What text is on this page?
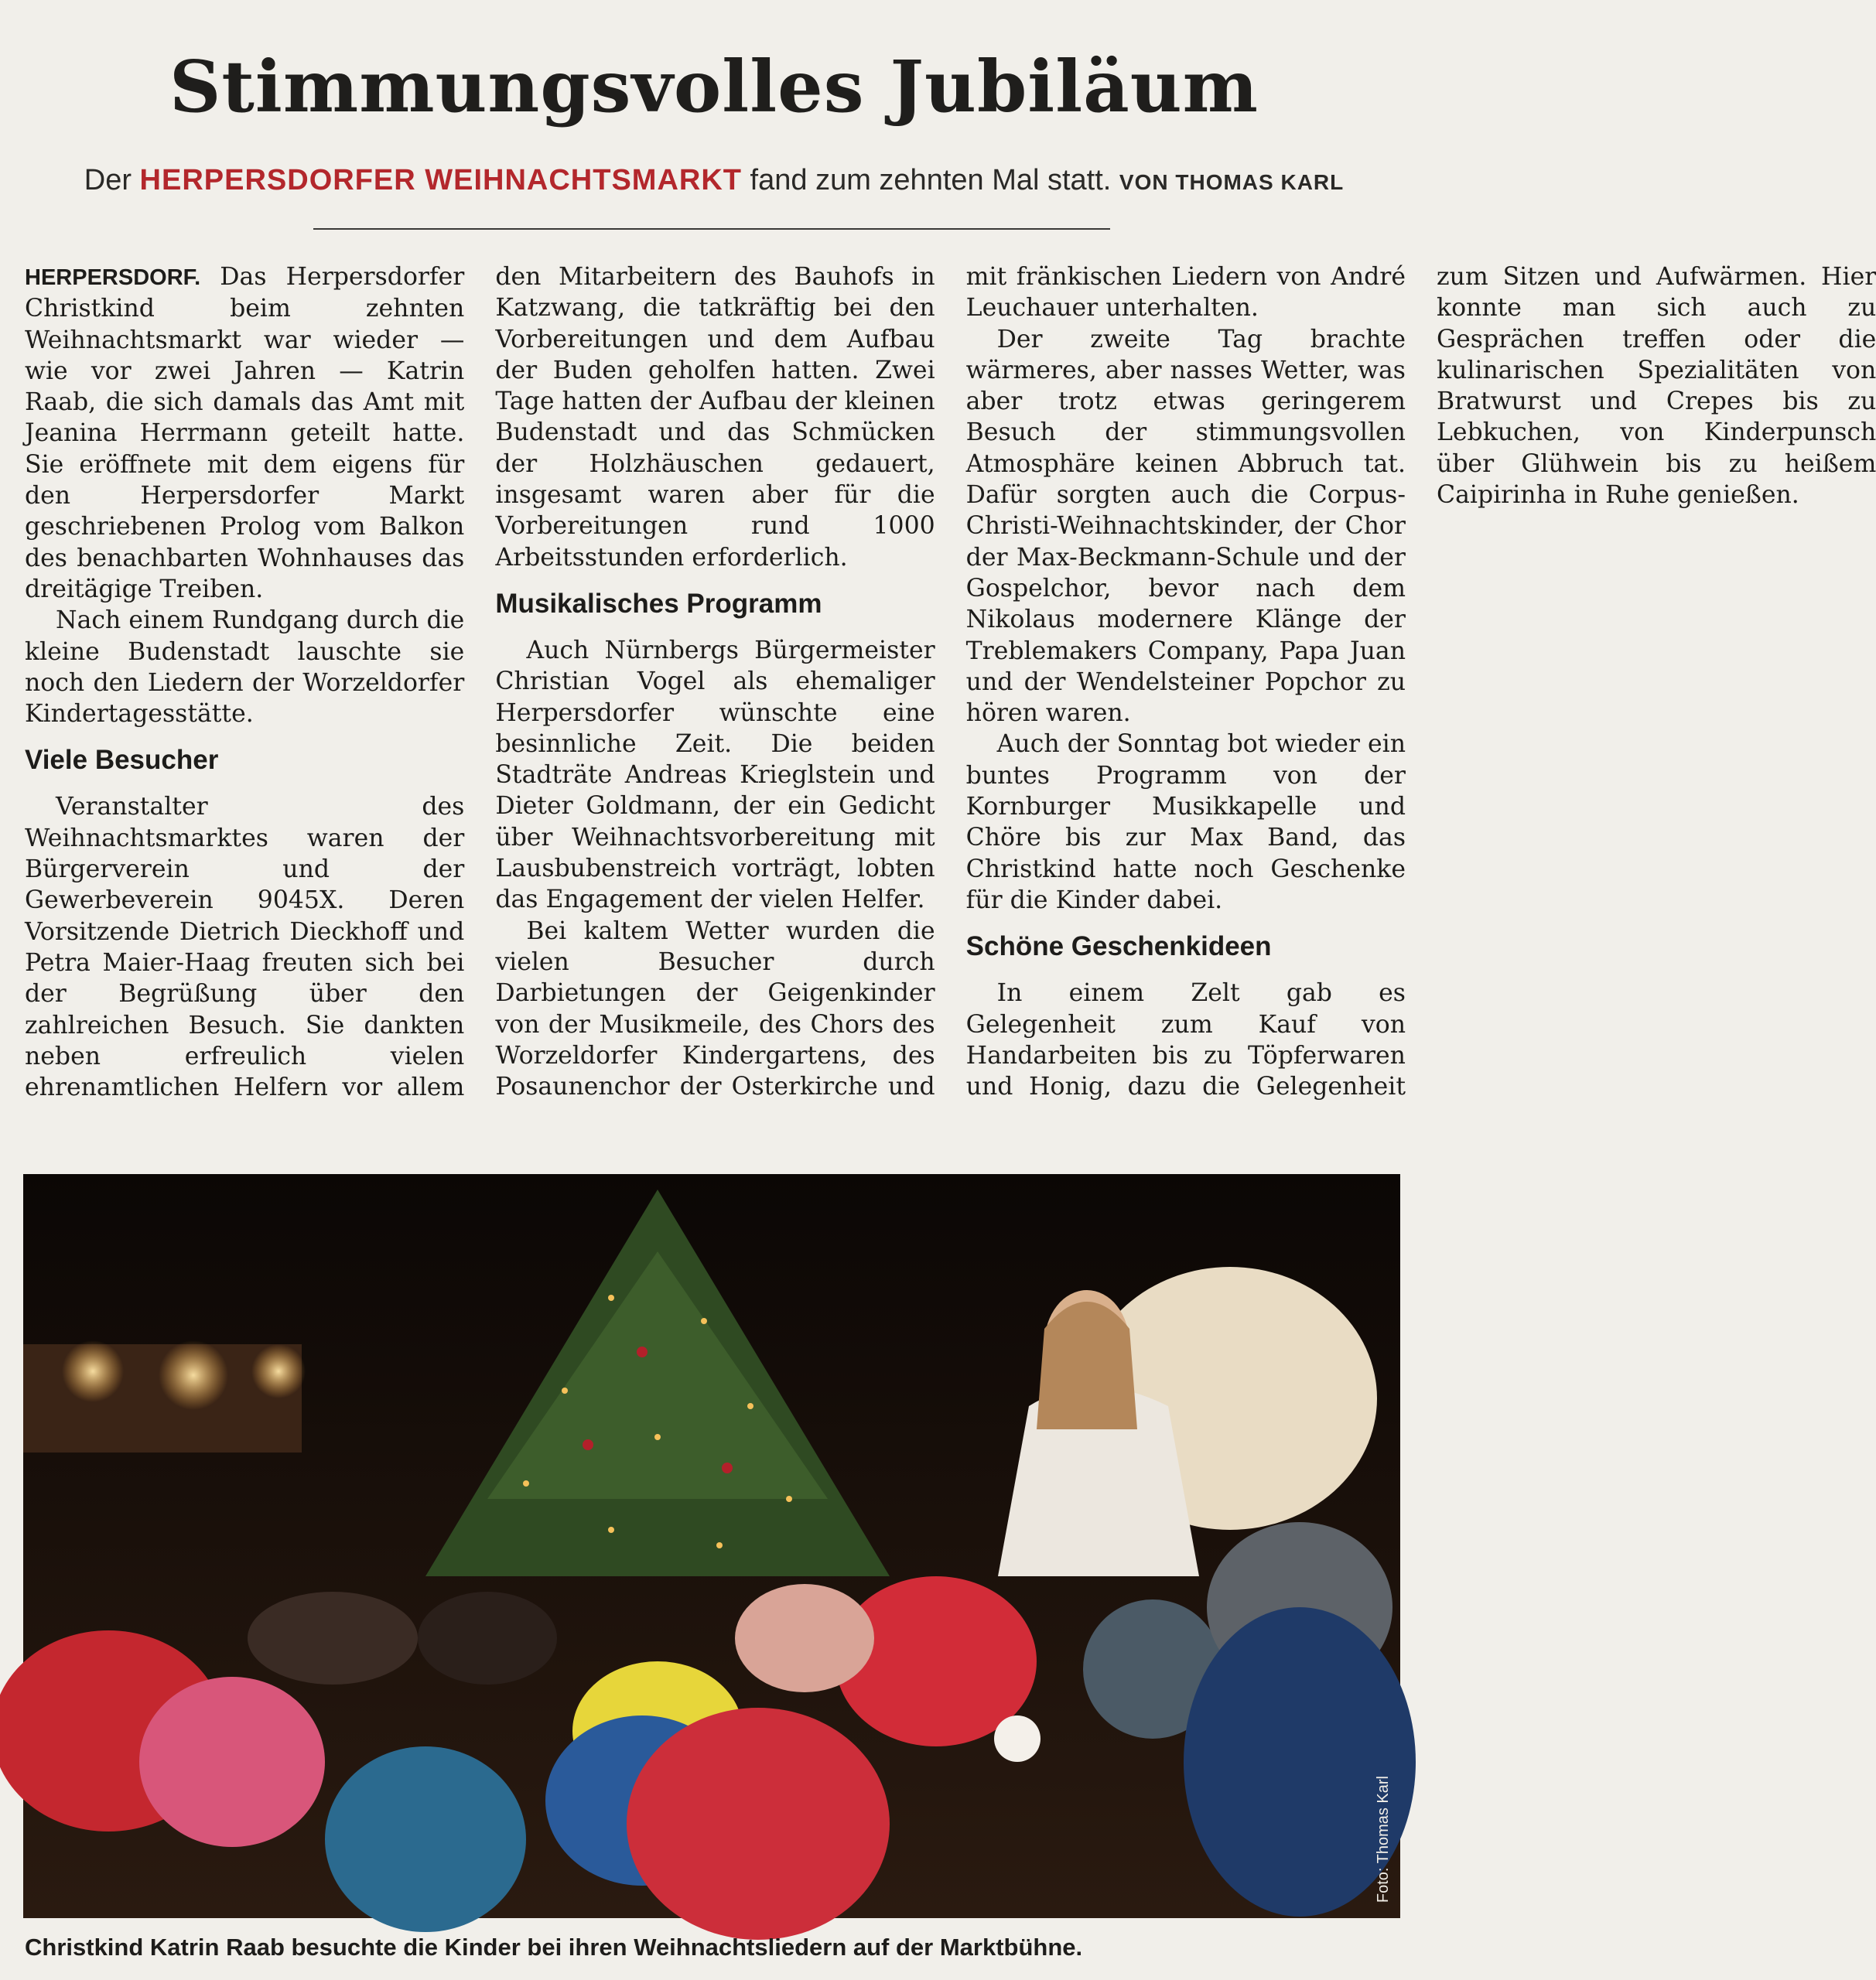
Stimmungsvolles Jubiläum
Der HERPERSDORFER WEIHNACHTSMARKT fand zum zehnten Mal statt. VON THOMAS KARL

HERPERSDORF. Das Herpersdorfer Christkind beim zehnten Weihnachtsmarkt war wieder — wie vor zwei Jahren — Katrin Raab, die sich damals das Amt mit Jeanina Herrmann geteilt hatte. Sie eröffnete mit dem eigens für den Herpersdorfer Markt geschriebenen Prolog vom Balkon des benachbarten Wohnhauses das dreitägige Treiben.

Nach einem Rundgang durch die kleine Budenstadt lauschte sie noch den Liedern der Worzeldorfer Kindertagesstätte.

Viele Besucher

Veranstalter des Weihnachtsmarktes waren der Bürgerverein und der Gewerbeverein 9045X. Deren Vorsitzende Dietrich Dieckhoff und Petra Maier-Haag freuten sich bei der Begrüßung über den zahlreichen Besuch. Sie dankten neben erfreulich vielen ehrenamtlichen Helfern vor allem den Mitarbeitern des Bauhofs in Katzwang, die tatkräftig bei den Vorbereitungen und dem Aufbau der Buden geholfen hatten. Zwei Tage hatten der Aufbau der kleinen Budenstadt und das Schmücken der Holzhäuschen gedauert, insgesamt waren aber für die Vorbereitungen rund 1000 Arbeitsstunden erforderlich.

Musikalisches Programm

Auch Nürnbergs Bürgermeister Christian Vogel als ehemaliger Herpersdorfer wünschte eine besinnliche Zeit. Die beiden Stadträte Andreas Krieglstein und Dieter Goldmann, der ein Gedicht über Weihnachtsvorbereitung mit Lausbubenstreich vorträgt, lobten das Engagement der vielen Helfer.

Bei kaltem Wetter wurden die vielen Besucher durch Darbietungen der Geigenkinder von der Musikmeile, des Chors des Worzeldorfer Kindergartens, des Posaunenchor der Osterkirche und mit fränkischen Liedern von André Leuchauer unterhalten.

Der zweite Tag brachte wärmeres, aber nasses Wetter, was aber trotz etwas geringerem Besuch der stimmungsvollen Atmosphäre keinen Abbruch tat. Dafür sorgten auch die Corpus-Christi-Weihnachtskinder, der Chor der Max-Beckmann-Schule und der Gospelchor, bevor nach dem Nikolaus modernere Klänge der Treblemakers Company, Papa Juan und der Wendelsteiner Popchor zu hören waren.

Auch der Sonntag bot wieder ein buntes Programm von der Kornburger Musikkapelle und Chöre bis zur Max Band, das Christkind hatte noch Geschenke für die Kinder dabei.

Schöne Geschenkideen

In einem Zelt gab es Gelegenheit zum Kauf von Handarbeiten bis zu Töpferwaren und Honig, dazu die Gelegenheit zum Sitzen und Aufwärmen. Hier konnte man sich auch zu Gesprächen treffen oder die kulinarischen Spezialitäten von Bratwurst und Crepes bis zu Lebkuchen, von Kinderpunsch über Glühwein bis zu heißem Caipirinha in Ruhe genießen.

Foto: Thomas Karl
Christkind Katrin Raab besuchte die Kinder bei ihren Weihnachtsliedern auf der Marktbühne.
